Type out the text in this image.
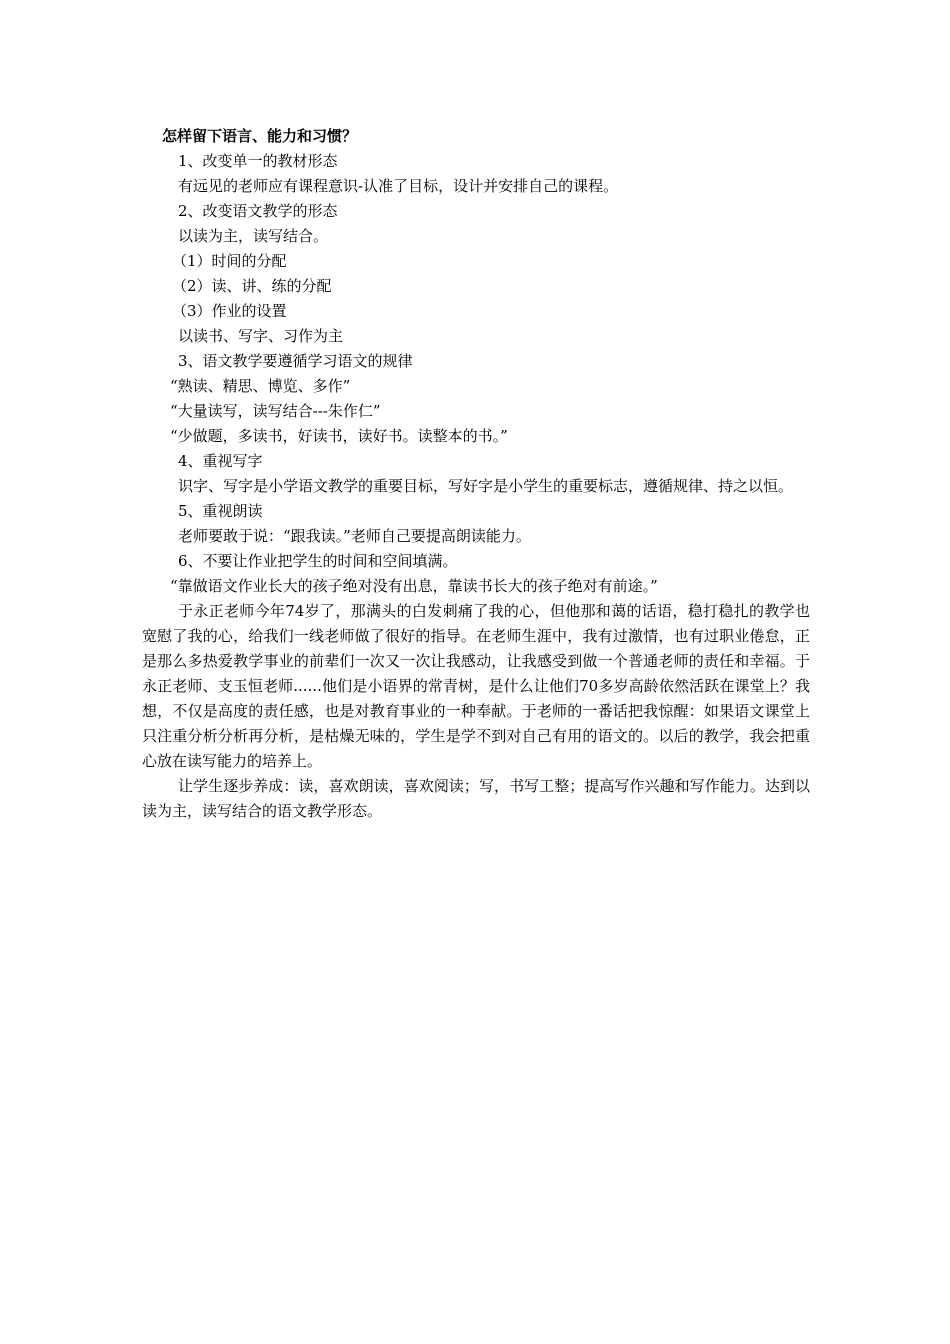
怎样留下语言、能力和习惯？

1、改变单一的教材形态

有远见的老师应有课程意识-认准了目标，设计并安排自己的课程。

2、改变语文教学的形态

以读为主，读写结合。

（1）时间的分配

（2）读、讲、练的分配

（3）作业的设置

以读书、写字、习作为主

3、语文教学要遵循学习语文的规律

“熟读、精思、博览、多作”

“大量读写，读写结合---朱作仁”

“少做题，多读书，好读书，读好书。读整本的书。”

4、重视写字

识字、写字是小学语文教学的重要目标，写好字是小学生的重要标志，遵循规律、持之以恒。

5、重视朗读

老师要敢于说：“跟我读。”老师自己要提高朗读能力。

6、不要让作业把学生的时间和空间填满。

“靠做语文作业长大的孩子绝对没有出息，靠读书长大的孩子绝对有前途。”

于永正老师今年74岁了，那满头的白发刺痛了我的心，但他那和蔼的话语，稳打稳扎的教学也宽慰了我的心，给我们一线老师做了很好的指导。在老师生涯中，我有过激情，也有过职业倦怠，正是那么多热爱教学事业的前辈们一次又一次让我感动，让我感受到做一个普通老师的责任和幸福。于永正老师、支玉恒老师......他们是小语界的常青树，是什么让他们70多岁高龄依然活跃在课堂上？我想，不仅是高度的责任感，也是对教育事业的一种奉献。于老师的一番话把我惊醒：如果语文课堂上只注重分析分析再分析，是枯燥无味的，学生是学不到对自己有用的语文的。以后的教学，我会把重心放在读写能力的培养上。

让学生逐步养成：读，喜欢朗读，喜欢阅读；写，书写工整；提高写作兴趣和写作能力。达到以读为主，读写结合的语文教学形态。
